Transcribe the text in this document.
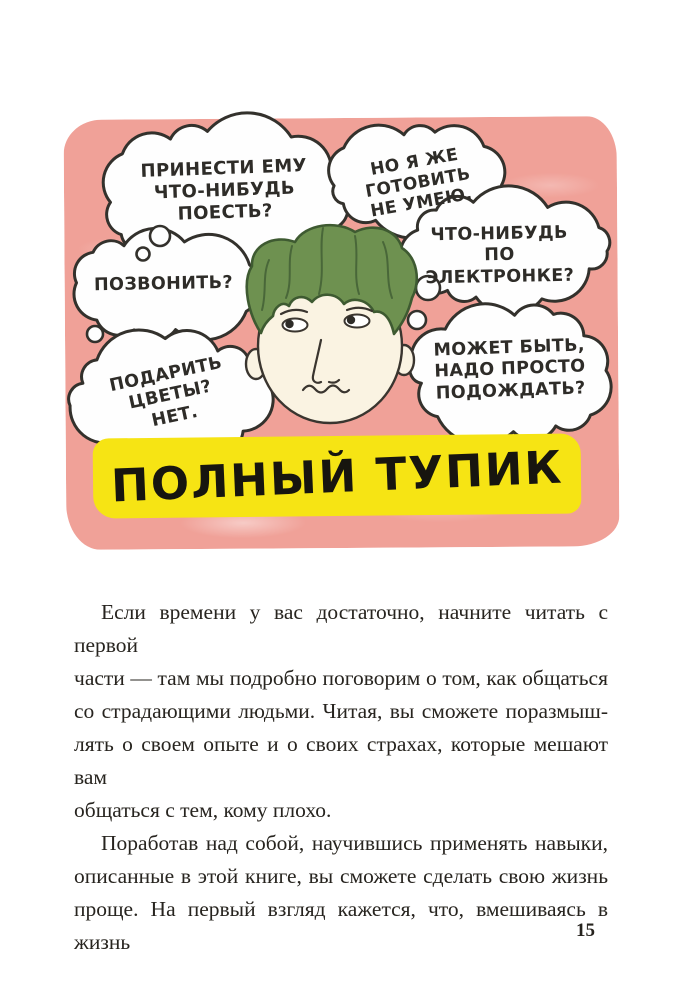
ПРИНЕСТИ ЕМУ
ЧТО-НИБУДЬ
ПОЕСТЬ?
НО Я ЖЕ ГОТОВИТЬ
НЕ УМЕЮ.
ЧТО-НИБУДЬ
ПО ЭЛЕКТРОНКЕ?
ПОЗВОНИТЬ?
ПОДАРИТЬ
ЦВЕТЫ?
НЕТ.
МОЖЕТ БЫТЬ,
НАДО ПРОСТО
ПОДОЖДАТЬ?
ПОЛНЫЙ ТУПИК
Если времени у вас достаточно, начните читать с первой
части — там мы подробно поговорим о том, как общаться
со страдающими людьми. Читая, вы сможете поразмыш-
лять о своем опыте и о своих страхах, которые мешают вам
общаться с тем, кому плохо.
Поработав над собой, научившись применять навыки,
описанные в этой книге, вы сможете сделать свою жизнь
проще. На первый взгляд кажется, что, вмешиваясь в жизнь	15
